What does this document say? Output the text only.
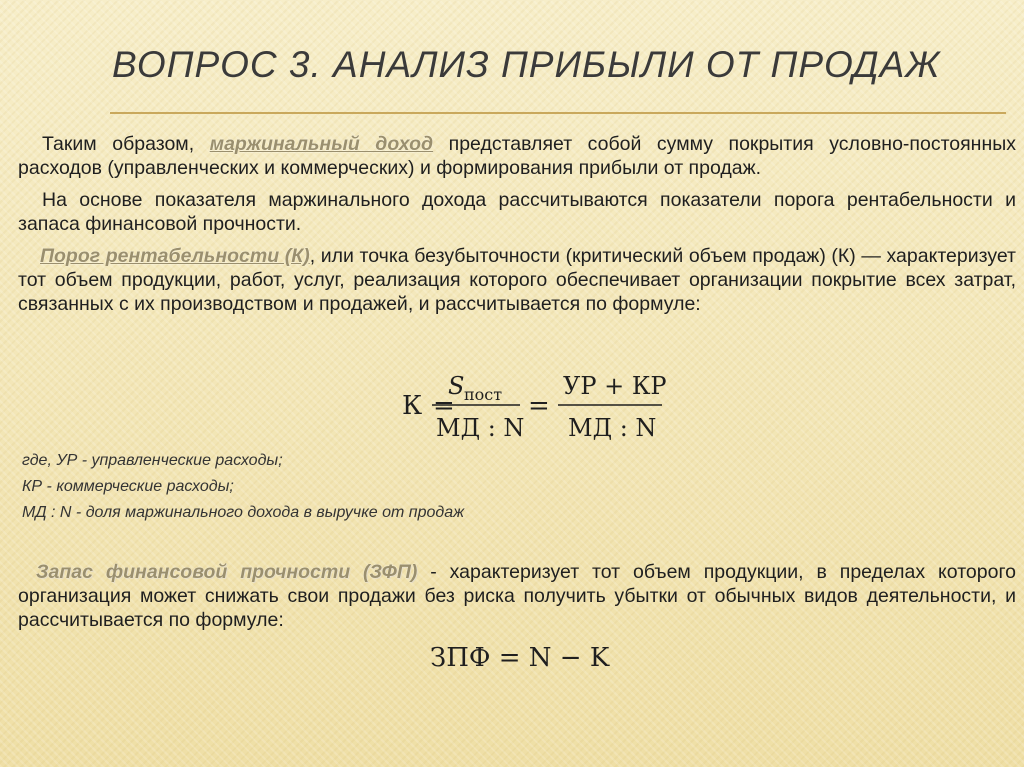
ВОПРОС 3. АНАЛИЗ ПРИБЫЛИ ОТ ПРОДАЖ

Таким образом, маржинальный доход представляет собой сумму покрытия условно-постоянных расходов (управленческих и коммерческих) и формирования прибыли от продаж.

На основе показателя маржинального дохода рассчитываются показатели порога рентабельности и запаса финансовой прочности.

Порог рентабельности (К), или точка безубыточности (критический объем продаж) (К) — характеризует тот объем продукции, работ, услуг, реализация которого обеспечивает организации покрытие всех затрат, связанных с их производством и продажей, и рассчитывается по формуле:

К =
S пост
МД : N
=
УР + КР
МД : N
ЗПФ = N − K
где, УР - управленческие расходы;
КР - коммерческие расходы;
МД : N - доля маржинального дохода в выручке от продаж

Запас финансовой прочности (ЗФП) - характеризует тот объем продукции, в пределах которого организация может снижать свои продажи без риска получить убытки от обычных видов деятельности, и рассчитывается по формуле:
